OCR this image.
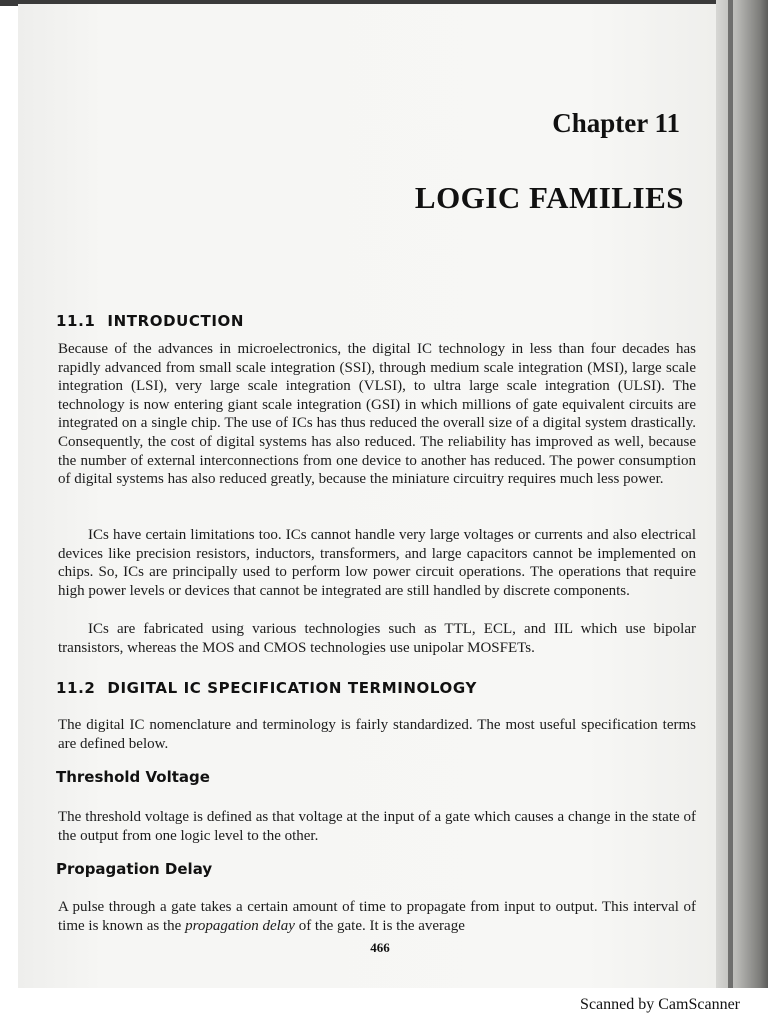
Chapter 11
LOGIC FAMILIES
11.1 INTRODUCTION

Because of the advances in microelectronics, the digital IC technology in less than four decades has rapidly advanced from small scale integration (SSI), through medium scale integration (MSI), large scale integration (LSI), very large scale integration (VLSI), to ultra large scale integration (ULSI). The technology is now entering giant scale integration (GSI) in which millions of gate equivalent circuits are integrated on a single chip. The use of ICs has thus reduced the overall size of a digital system drastically. Consequently, the cost of digital systems has also reduced. The reliability has improved as well, because the number of external interconnections from one device to another has reduced. The power consumption of digital systems has also reduced greatly, because the miniature circuitry requires much less power.

ICs have certain limitations too. ICs cannot handle very large voltages or currents and also electrical devices like precision resistors, inductors, transformers, and large capacitors cannot be implemented on chips. So, ICs are principally used to perform low power circuit operations. The operations that require high power levels or devices that cannot be integrated are still handled by discrete components.

ICs are fabricated using various technologies such as TTL, ECL, and IIL which use bipolar transistors, whereas the MOS and CMOS technologies use unipolar MOSFETs.

11.2 DIGITAL IC SPECIFICATION TERMINOLOGY

The digital IC nomenclature and terminology is fairly standardized. The most useful specification terms are defined below.

Threshold Voltage

The threshold voltage is defined as that voltage at the input of a gate which causes a change in the state of the output from one logic level to the other.

Propagation Delay

A pulse through a gate takes a certain amount of time to propagate from input to output. This interval of time is known as the propagation delay of the gate. It is the average

466
Scanned by CamScanner
